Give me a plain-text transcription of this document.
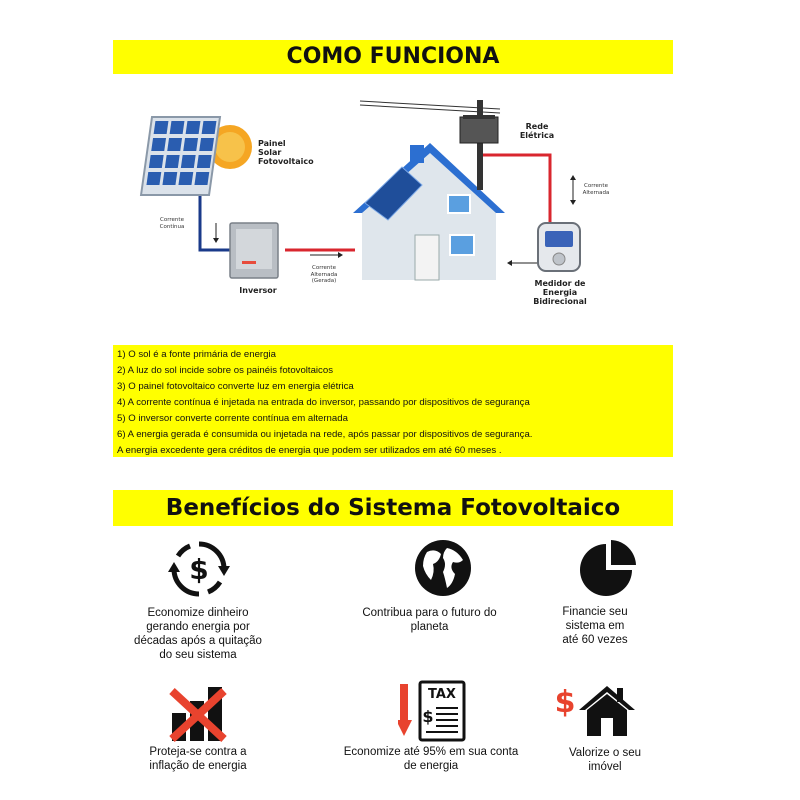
COMO FUNCIONA
Painel Solar Fotovoltaico
Rede Elétrica
Corrente Contínua
Inversor
Corrente Alternada (Gerada)
Corrente Alternada
Medidor de Energia Bidirecional
1) O sol é a fonte primária de energia
2) A luz do sol incide sobre os painéis fotovoltaicos
3) O painel fotovoltaico converte luz em energia elétrica
4) A corrente contínua é injetada na entrada do inversor, passando por dispositivos de segurança
5) O inversor converte corrente contínua em alternada
6) A energia gerada é consumida ou injetada na rede, após passar por dispositivos de segurança.
A energia excedente gera créditos de energia que podem ser utilizados em até 60 meses .
Benefícios do Sistema Fotovoltaico
$
TAX
$	$
Economize dinheiro gerando energia por décadas após a quitação do seu sistema
Contribua para o futuro do planeta
Financie seu sistema em até 60 vezes
Proteja-se contra a inflação de energia
Economize até 95% em sua conta de energia
Valorize o seu imóvel
